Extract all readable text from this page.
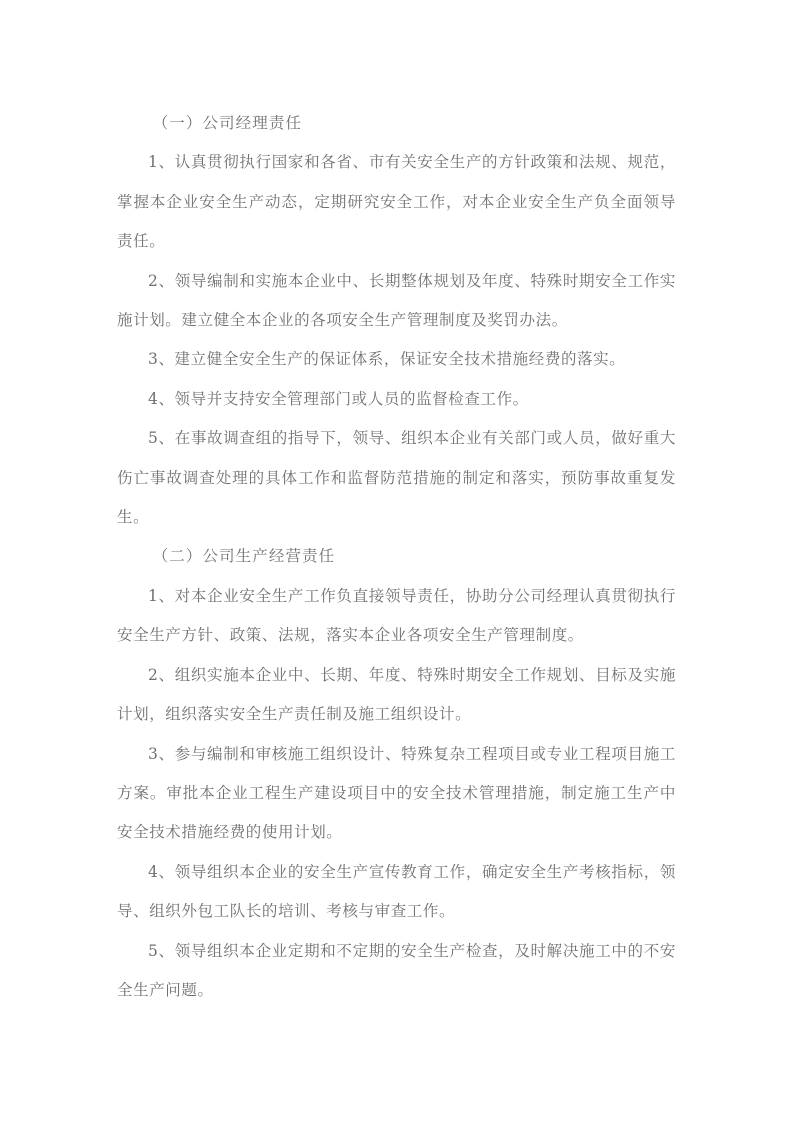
（一）公司经理责任

1、认真贯彻执行国家和各省、市有关安全生产的方针政策和法规、规范，掌握本企业安全生产动态，定期研究安全工作，对本企业安全生产负全面领导责任。

2、领导编制和实施本企业中、长期整体规划及年度、特殊时期安全工作实施计划。建立健全本企业的各项安全生产管理制度及奖罚办法。

3、建立健全安全生产的保证体系，保证安全技术措施经费的落实。

4、领导并支持安全管理部门或人员的监督检查工作。

5、在事故调查组的指导下，领导、组织本企业有关部门或人员，做好重大伤亡事故调查处理的具体工作和监督防范措施的制定和落实，预防事故重复发生。

（二）公司生产经营责任

1、对本企业安全生产工作负直接领导责任，协助分公司经理认真贯彻执行安全生产方针、政策、法规，落实本企业各项安全生产管理制度。

2、组织实施本企业中、长期、年度、特殊时期安全工作规划、目标及实施计划，组织落实安全生产责任制及施工组织设计。

3、参与编制和审核施工组织设计、特殊复杂工程项目或专业工程项目施工方案。审批本企业工程生产建设项目中的安全技术管理措施，制定施工生产中安全技术措施经费的使用计划。

4、领导组织本企业的安全生产宣传教育工作，确定安全生产考核指标，领导、组织外包工队长的培训、考核与审查工作。

5、领导组织本企业定期和不定期的安全生产检查，及时解决施工中的不安全生产问题。
